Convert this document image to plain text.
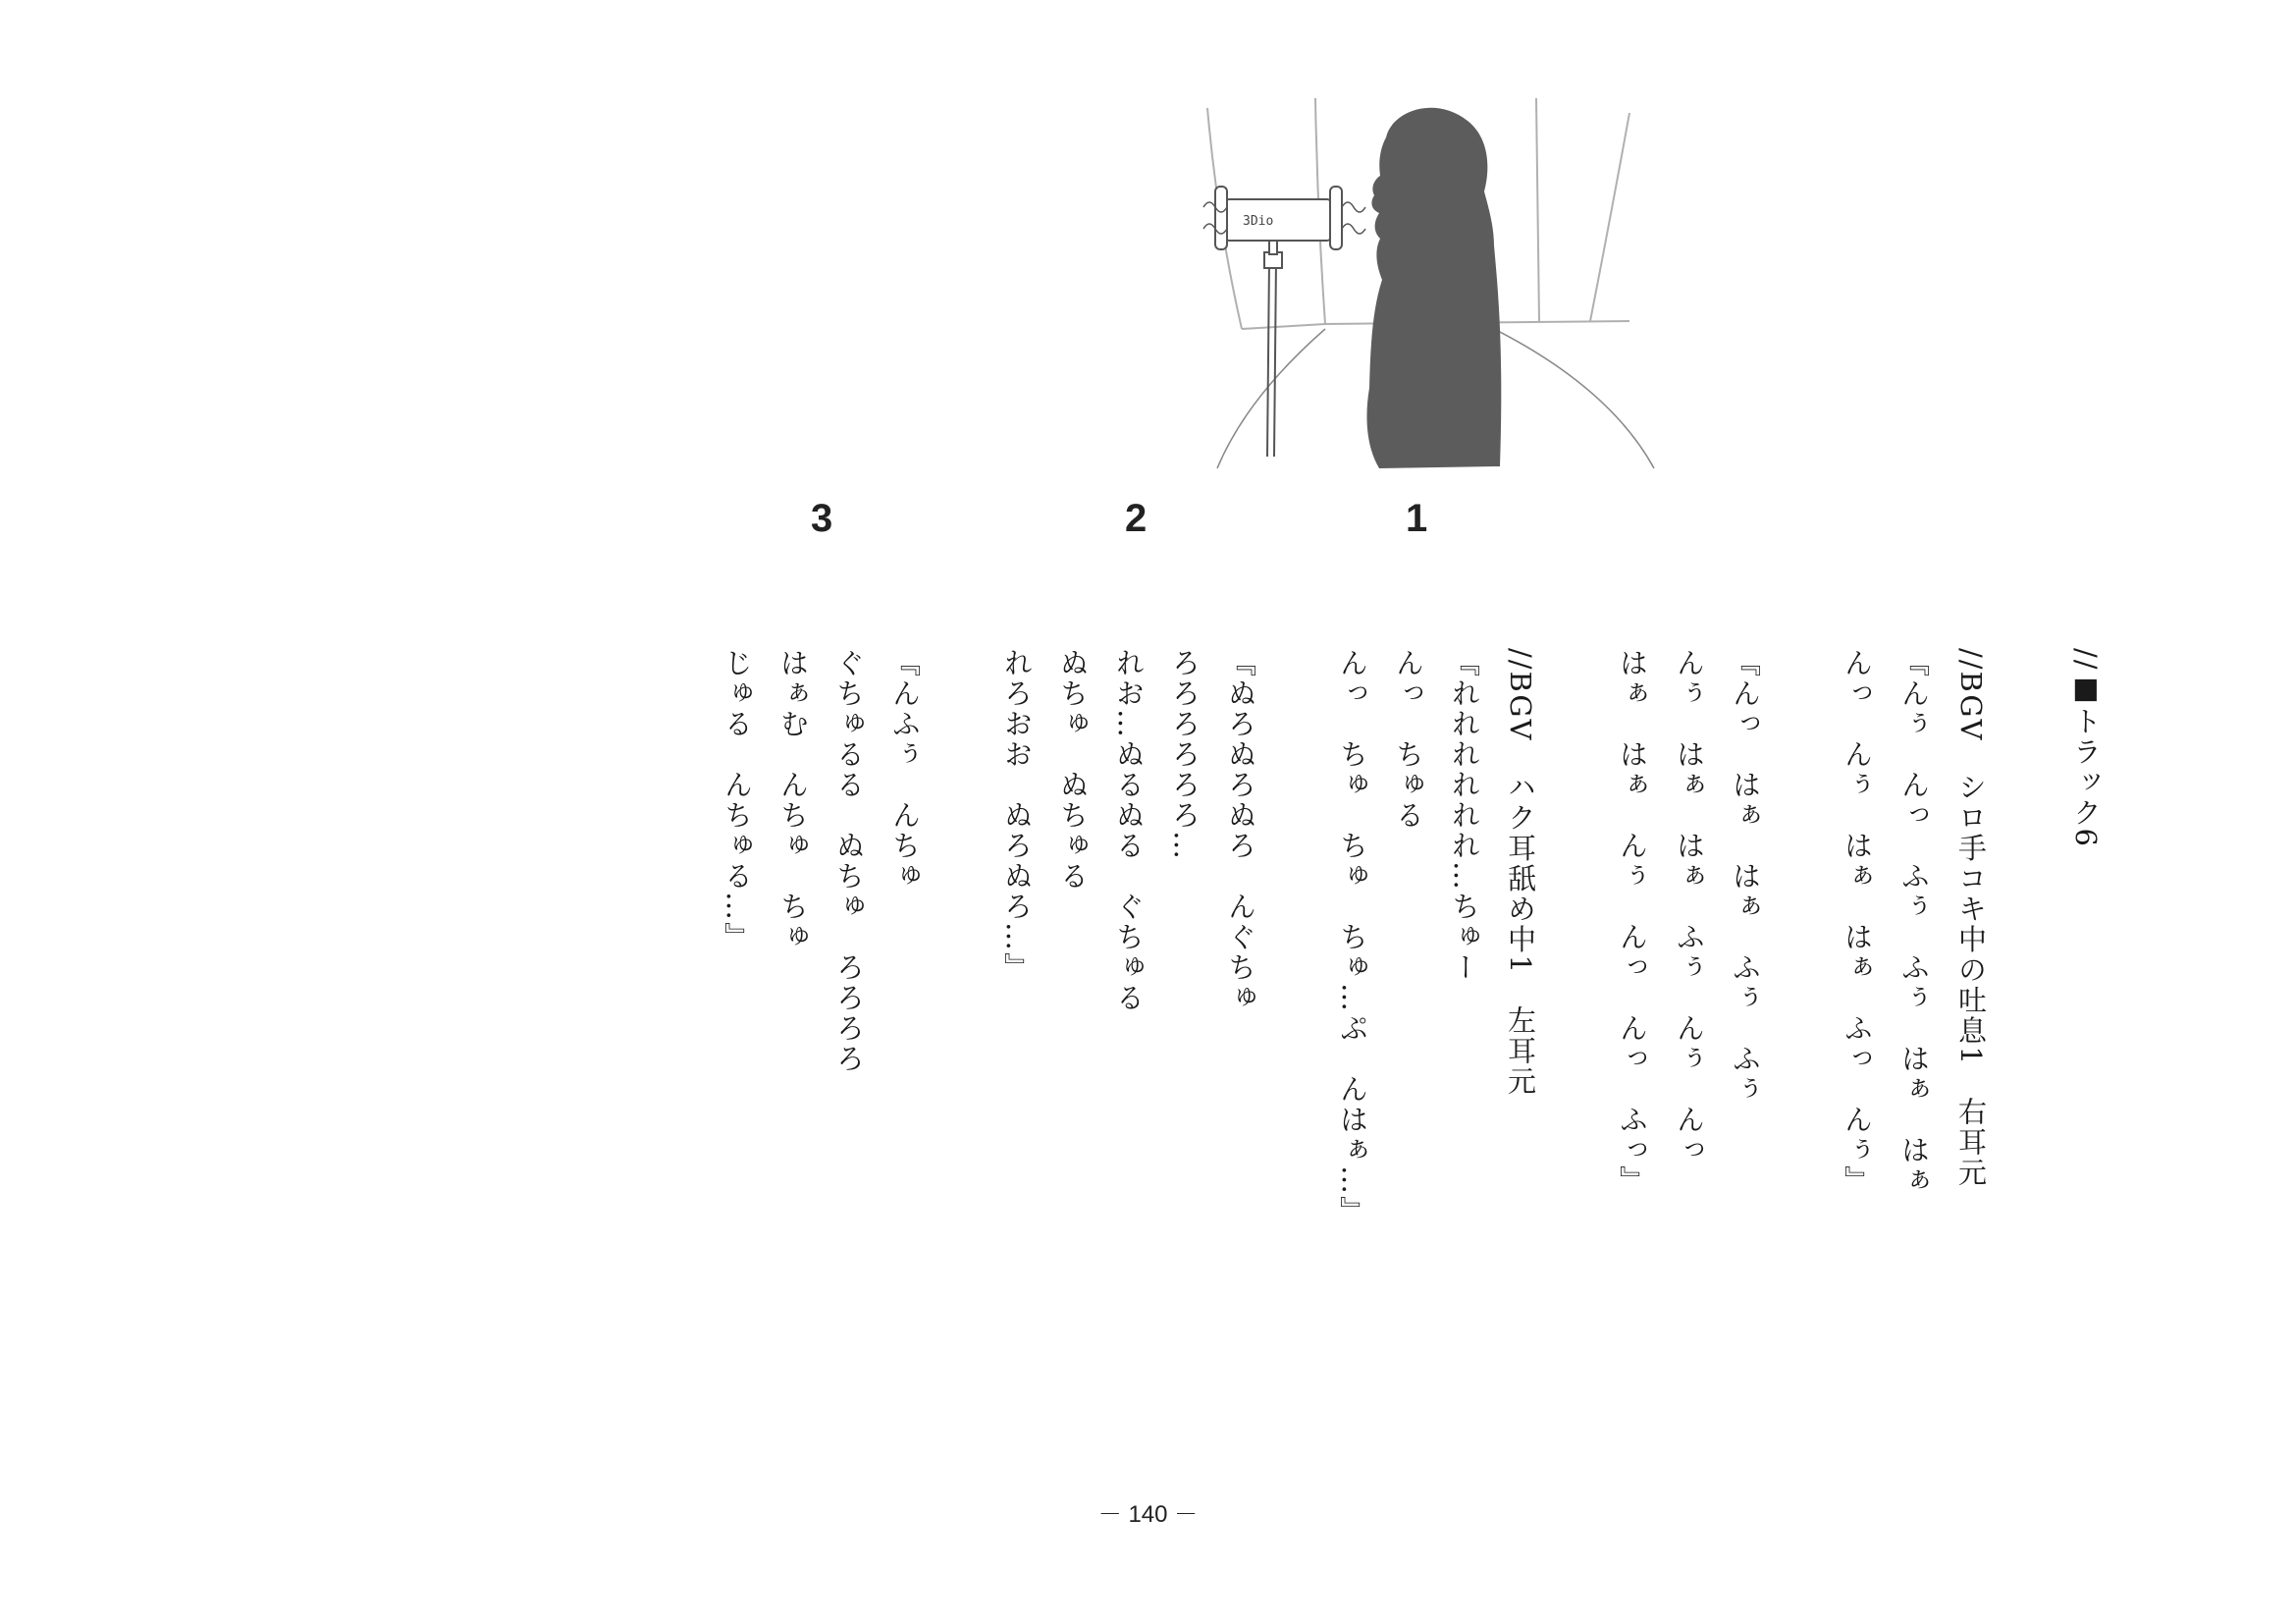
3Dio
1
2
3
//■トラック6
//BGV　シロ手コキ中の吐息1　右耳元
『んぅ　んっ　ふぅ　ふぅ　はぁ　はぁ
んっ　んぅ　はぁ　はぁ　ふっ　んぅ』
『んっ　はぁ　はぁ　ふぅ　ふぅ
んぅ　はぁ　はぁ　ふぅ　んぅ　んっ
はぁ　はぁ　んぅ　んっ　んっ　ふっ』
//BGV　ハク耳舐め中1　左耳元
『れれれれれれ…ちゅー
んっ　ちゅる
んっ　ちゅ　ちゅ　ちゅ…ぷ　んはぁ…』
『ぬろぬろぬろ　んぐちゅ
ろろろろろろ…
れお…ぬるぬる　ぐちゅる
ぬちゅ　ぬちゅる
れろおお　ぬろぬろ…』
『んふぅ　んちゅ
ぐちゅるる　ぬちゅ　ろろろろ
はぁむ　んちゅ　ちゅ
じゅる　んちゅる…』
－ 140 －
